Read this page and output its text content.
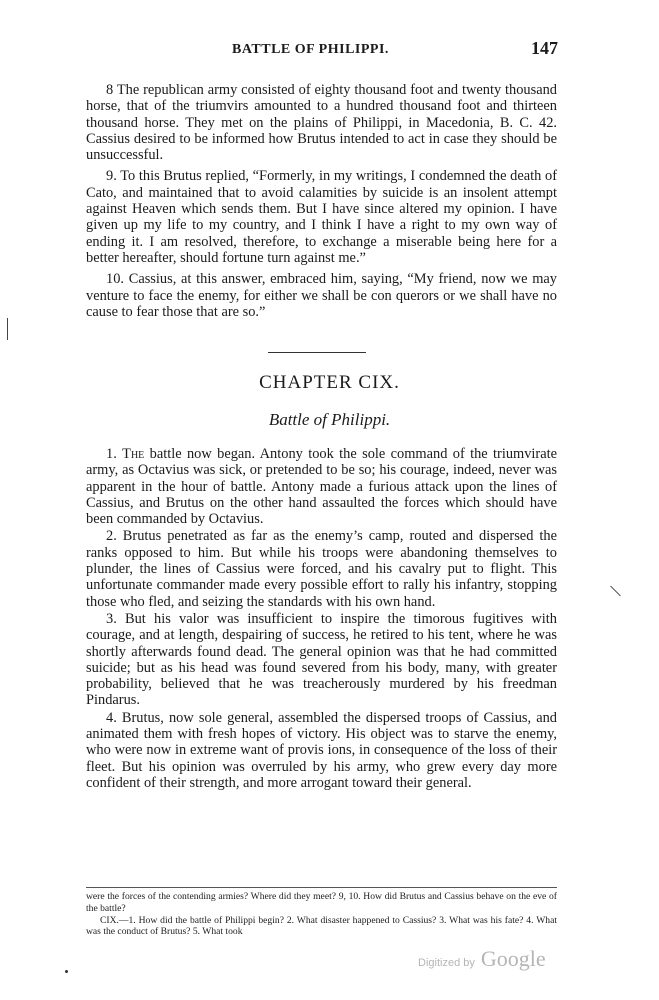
BATTLE OF PHILIPPI.	147

8 The republican army consisted of eighty thousand foot and twenty thousand horse, that of the triumvirs amounted to a hundred thousand foot and thirteen thousand horse. They met on the plains of Philippi, in Macedonia, B. C. 42. Cassius desired to be informed how Brutus intended to act in case they should be unsuccessful.

9. To this Brutus replied, “Formerly, in my writings, I condemned the death of Cato, and maintained that to avoid calamities by suicide is an insolent attempt against Heaven which sends them. But I have since altered my opinion. I have given up my life to my country, and I think I have a right to my own way of ending it. I am resolved, therefore, to exchange a miserable being here for a better hereafter, should fortune turn against me.”

10. Cassius, at this answer, embraced him, saying, “My friend, now we may venture to face the enemy, for either we shall be con querors or we shall have no cause to fear those that are so.”

CHAPTER CIX.
Battle of Philippi.

1. The battle now began. Antony took the sole command of the triumvirate army, as Octavius was sick, or pretended to be so; his courage, indeed, never was apparent in the hour of battle. Antony made a furious attack upon the lines of Cassius, and Brutus on the other hand assaulted the forces which should have been commanded by Octavius.

2. Brutus penetrated as far as the enemy’s camp, routed and dispersed the ranks opposed to him. But while his troops were abandoning themselves to plunder, the lines of Cassius were forced, and his cavalry put to flight. This unfortunate commander made every possible effort to rally his infantry, stopping those who fled, and seizing the standards with his own hand.

3. But his valor was insufficient to inspire the timorous fugitives with courage, and at length, despairing of success, he retired to his tent, where he was shortly afterwards found dead. The general opinion was that he had committed suicide; but as his head was found severed from his body, many, with greater probability, believed that he was treacherously murdered by his freedman Pindarus.

4. Brutus, now sole general, assembled the dispersed troops of Cassius, and animated them with fresh hopes of victory. His object was to starve the enemy, who were now in extreme want of provis ions, in consequence of the loss of their fleet. But his opinion was overruled by his army, who grew every day more confident of their strength, and more arrogant toward their general.

were the forces of the contending armies? Where did they meet? 9, 10. How did Brutus and Cassius behave on the eve of the battle?

CIX.—1. How did the battle of Philippi begin? 2. What disaster happened to Cassius? 3. What was his fate? 4. What was the conduct of Brutus? 5. What took

Digitized by Google
